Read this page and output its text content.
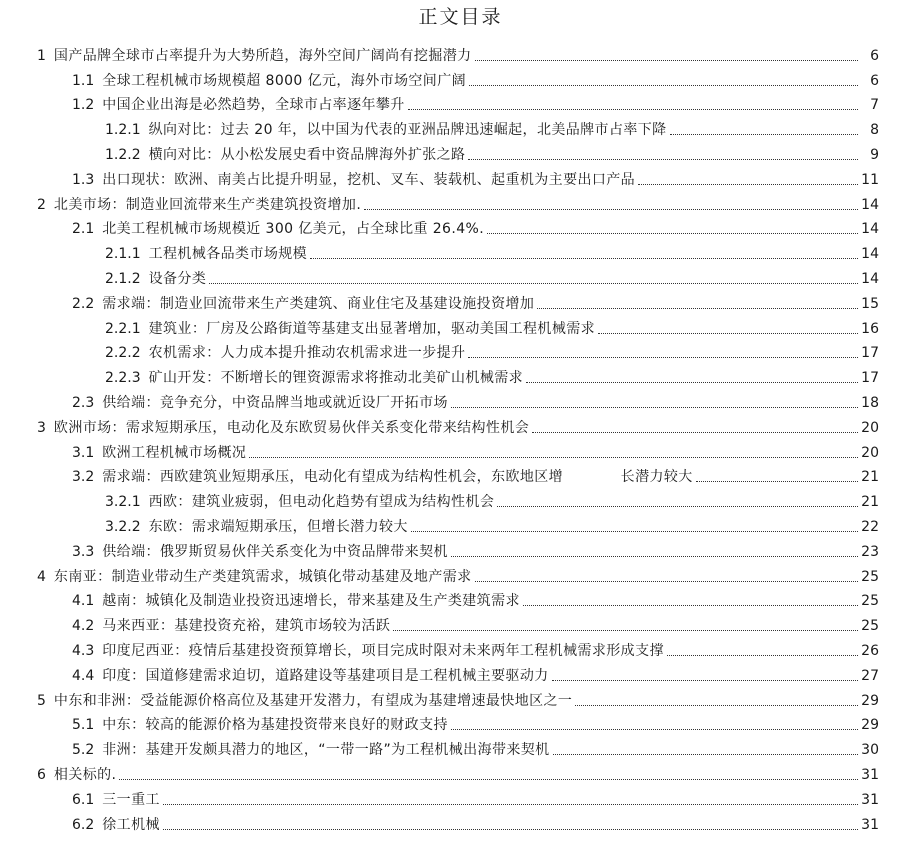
正文目录
1 国产品牌全球市占率提升为大势所趋，海外空间广阔尚有挖掘潜力	6
1.1 全球工程机械市场规模超 8000 亿元，海外市场空间广阔	6
1.2 中国企业出海是必然趋势，全球市占率逐年攀升	7
1.2.1 纵向对比：过去 20 年，以中国为代表的亚洲品牌迅速崛起，北美品牌市占率下降	8
1.2.2 横向对比：从小松发展史看中资品牌海外扩张之路	9
1.3 出口现状：欧洲、南美占比提升明显，挖机、叉车、装载机、起重机为主要出口产品	11
2 北美市场：制造业回流带来生产类建筑投资增加.	14
2.1 北美工程机械市场规模近 300 亿美元，占全球比重 26.4%.	14
2.1.1 工程机械各品类市场规模	14
2.1.2 设备分类	14
2.2 需求端：制造业回流带来生产类建筑、商业住宅及基建设施投资增加	15
2.2.1 建筑业：厂房及公路街道等基建支出显著增加，驱动美国工程机械需求	16
2.2.2 农机需求：人力成本提升推动农机需求进一步提升	17
2.2.3 矿山开发：不断增长的锂资源需求将推动北美矿山机械需求	17
2.3 供给端：竞争充分，中资品牌当地或就近设厂开拓市场	18
3 欧洲市场：需求短期承压，电动化及东欧贸易伙伴关系变化带来结构性机会	20
3.1 欧洲工程机械市场概况	20
3.2 需求端：西欧建筑业短期承压，电动化有望成为结构性机会，东欧地区增　　　　长潜力较大	21
3.2.1 西欧：建筑业疲弱，但电动化趋势有望成为结构性机会	21
3.2.2 东欧：需求端短期承压，但增长潜力较大	22
3.3 供给端：俄罗斯贸易伙伴关系变化为中资品牌带来契机	23
4 东南亚：制造业带动生产类建筑需求，城镇化带动基建及地产需求	25
4.1 越南：城镇化及制造业投资迅速增长，带来基建及生产类建筑需求	25
4.2 马来西亚：基建投资充裕，建筑市场较为活跃	25
4.3 印度尼西亚：疫情后基建投资预算增长，项目完成时限对未来两年工程机械需求形成支撑	26
4.4 印度：国道修建需求迫切，道路建设等基建项目是工程机械主要驱动力	27
5 中东和非洲：受益能源价格高位及基建开发潜力，有望成为基建增速最快地区之一	29
5.1 中东：较高的能源价格为基建投资带来良好的财政支持	29
5.2 非洲：基建开发颇具潜力的地区，“一带一路”为工程机械出海带来契机	30
6 相关标的.	31
6.1 三一重工	31
6.2 徐工机械	31
